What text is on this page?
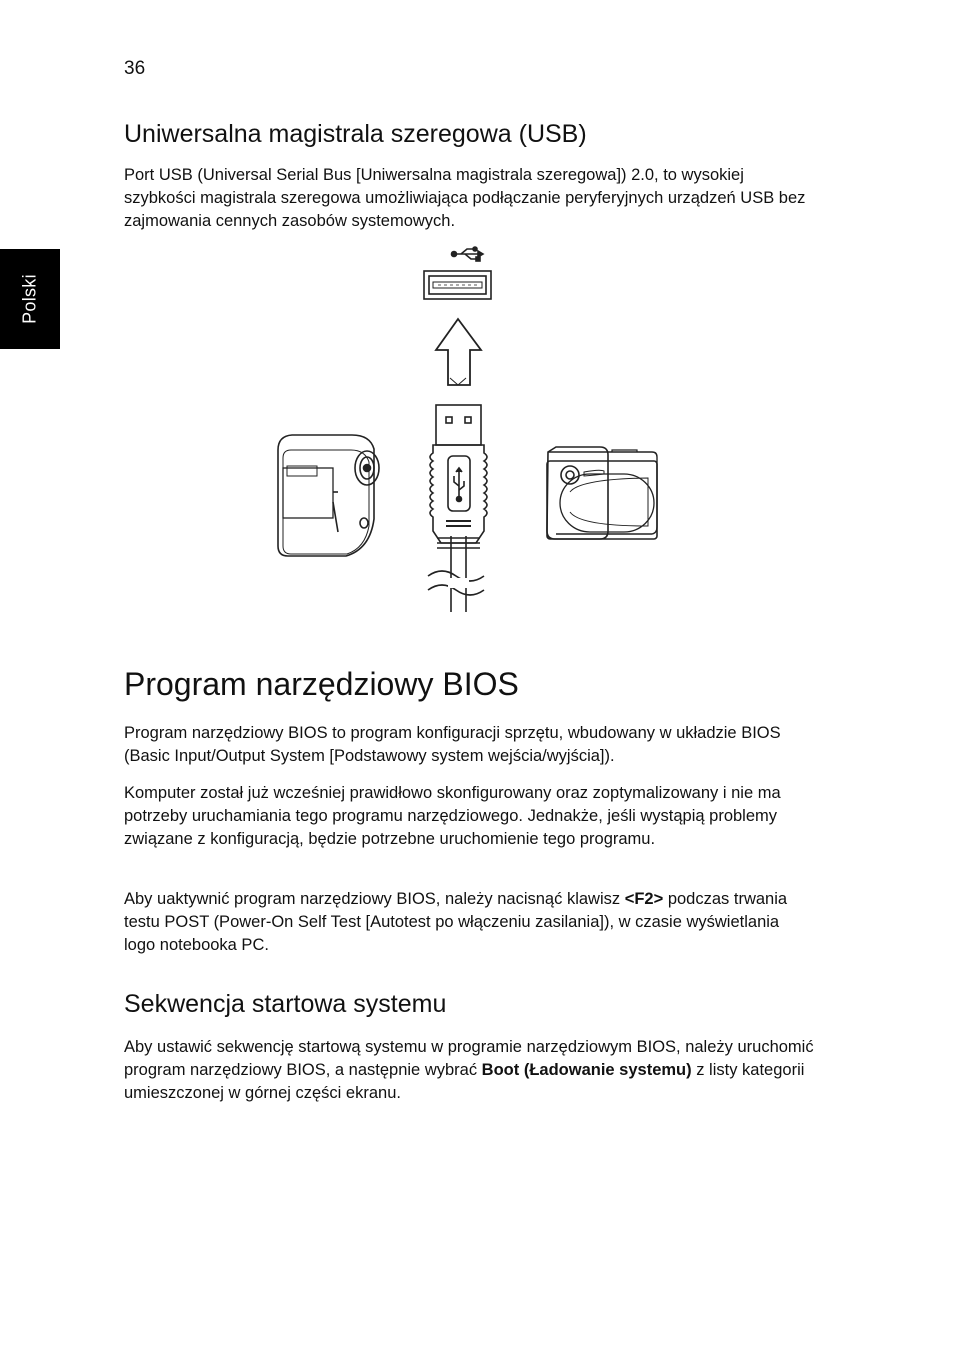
36
Polski
Uniwersalna magistrala szeregowa (USB)

Port USB (Universal Serial Bus [Uniwersalna magistrala szeregowa]) 2.0, to wysokiej szybkości magistrala szeregowa umożliwiająca podłączanie peryferyjnych urządzeń USB bez zajmowania cennych zasobów systemowych.

Program narzędziowy BIOS

Program narzędziowy BIOS to program konfiguracji sprzętu, wbudowany w układzie BIOS (Basic Input/Output System [Podstawowy system wejścia/wyjścia]).

Komputer został już wcześniej prawidłowo skonfigurowany oraz zoptymalizowany i nie ma potrzeby uruchamiania tego programu narzędziowego. Jednakże, jeśli wystąpią problemy związane z konfiguracją, będzie potrzebne uruchomienie tego programu.

Aby uaktywnić program narzędziowy BIOS, należy nacisnąć klawisz <F2> podczas trwania testu POST (Power-On Self Test [Autotest po włączeniu zasilania]), w czasie wyświetlania logo notebooka PC.

Sekwencja startowa systemu

Aby ustawić sekwencję startową systemu w programie narzędziowym BIOS, należy uruchomić program narzędziowy BIOS, a następnie wybrać Boot (Ładowanie systemu) z listy kategorii umieszczonej w górnej części ekranu.
